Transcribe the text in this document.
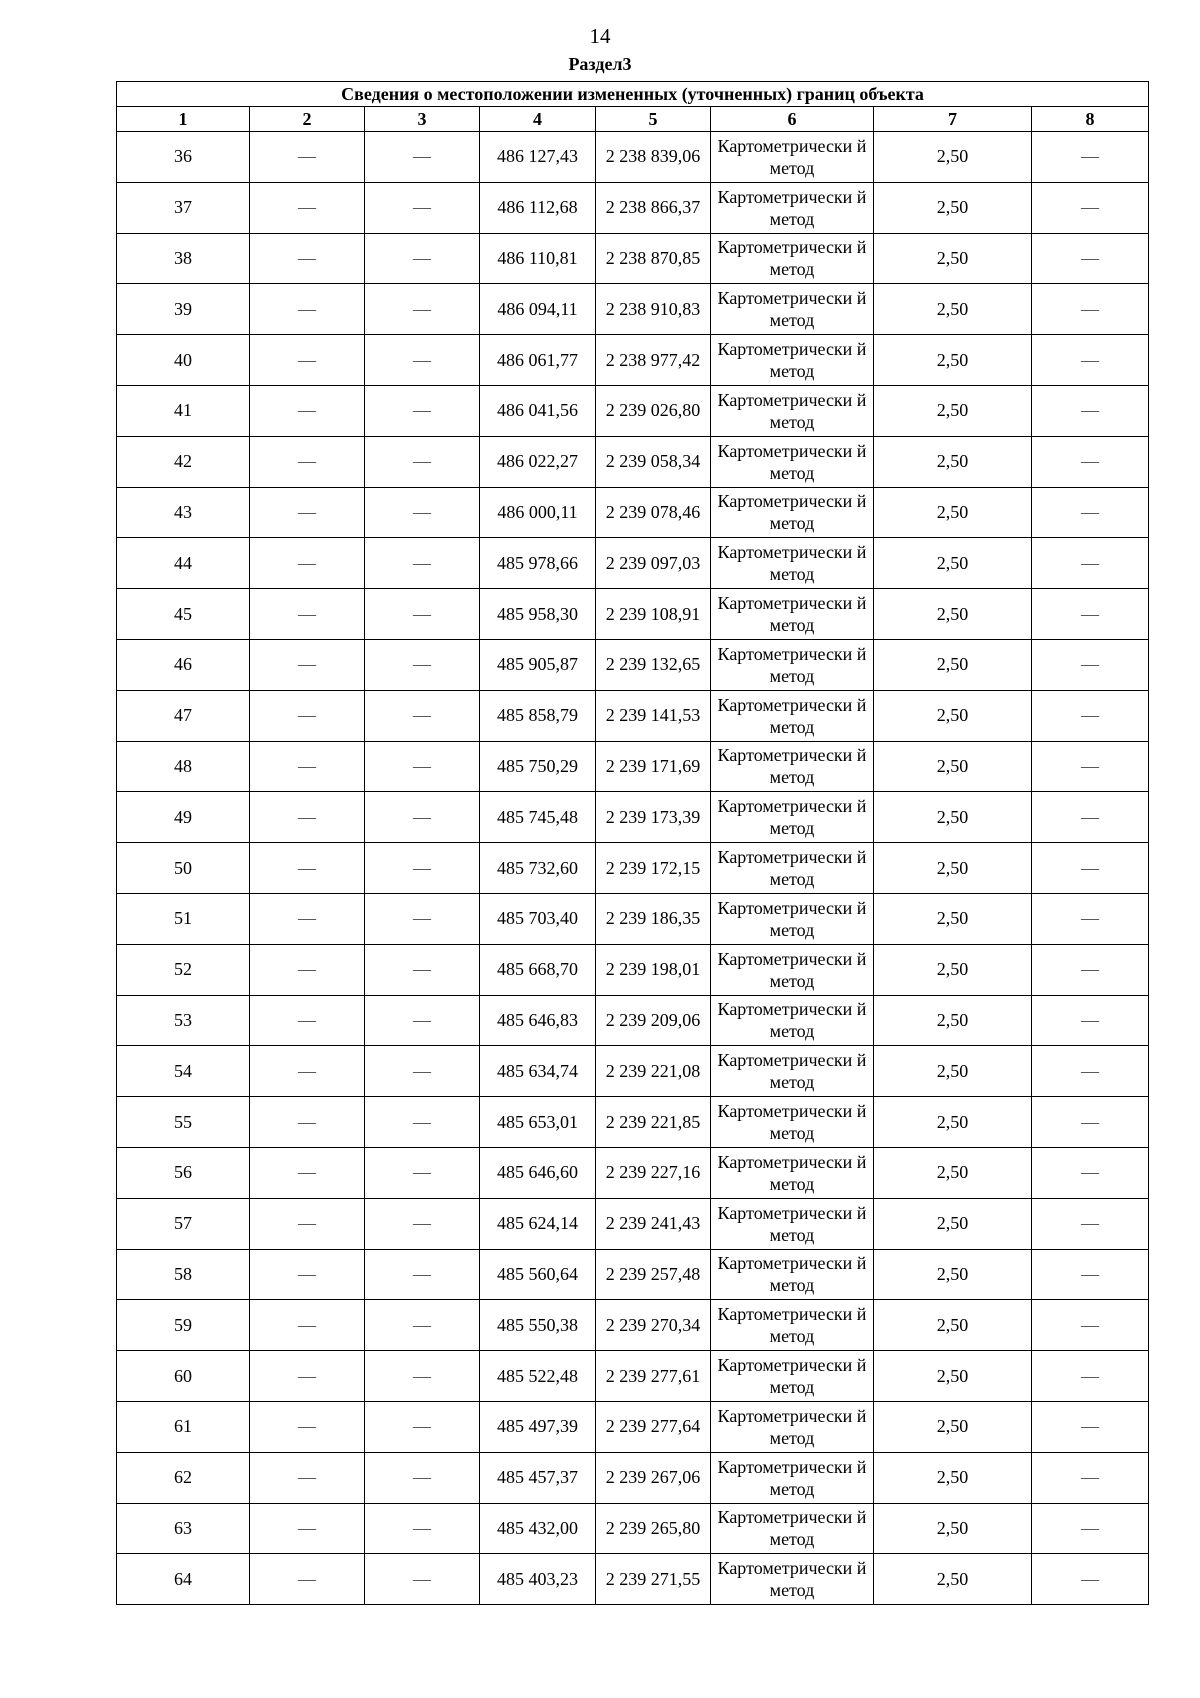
14
Раздел3
Сведения о местоположении измененных (уточненных) границ объекта							
1	2	3	4	5	6	7	8
36	—	—	486 127,43	2 238 839,06	Картометрически й метод	2,50	—
37	—	—	486 112,68	2 238 866,37	Картометрически й метод	2,50	—
38	—	—	486 110,81	2 238 870,85	Картометрически й метод	2,50	—
39	—	—	486 094,11	2 238 910,83	Картометрически й метод	2,50	—
40	—	—	486 061,77	2 238 977,42	Картометрически й метод	2,50	—
41	—	—	486 041,56	2 239 026,80	Картометрически й метод	2,50	—
42	—	—	486 022,27	2 239 058,34	Картометрически й метод	2,50	—
43	—	—	486 000,11	2 239 078,46	Картометрически й метод	2,50	—
44	—	—	485 978,66	2 239 097,03	Картометрически й метод	2,50	—
45	—	—	485 958,30	2 239 108,91	Картометрически й метод	2,50	—
46	—	—	485 905,87	2 239 132,65	Картометрически й метод	2,50	—
47	—	—	485 858,79	2 239 141,53	Картометрически й метод	2,50	—
48	—	—	485 750,29	2 239 171,69	Картометрически й метод	2,50	—
49	—	—	485 745,48	2 239 173,39	Картометрически й метод	2,50	—
50	—	—	485 732,60	2 239 172,15	Картометрически й метод	2,50	—
51	—	—	485 703,40	2 239 186,35	Картометрически й метод	2,50	—
52	—	—	485 668,70	2 239 198,01	Картометрически й метод	2,50	—
53	—	—	485 646,83	2 239 209,06	Картометрически й метод	2,50	—
54	—	—	485 634,74	2 239 221,08	Картометрически й метод	2,50	—
55	—	—	485 653,01	2 239 221,85	Картометрически й метод	2,50	—
56	—	—	485 646,60	2 239 227,16	Картометрически й метод	2,50	—
57	—	—	485 624,14	2 239 241,43	Картометрически й метод	2,50	—
58	—	—	485 560,64	2 239 257,48	Картометрически й метод	2,50	—
59	—	—	485 550,38	2 239 270,34	Картометрически й метод	2,50	—
60	—	—	485 522,48	2 239 277,61	Картометрически й метод	2,50	—
61	—	—	485 497,39	2 239 277,64	Картометрически й метод	2,50	—
62	—	—	485 457,37	2 239 267,06	Картометрически й метод	2,50	—
63	—	—	485 432,00	2 239 265,80	Картометрически й метод	2,50	—
64	—	—	485 403,23	2 239 271,55	Картометрически й метод	2,50	—
